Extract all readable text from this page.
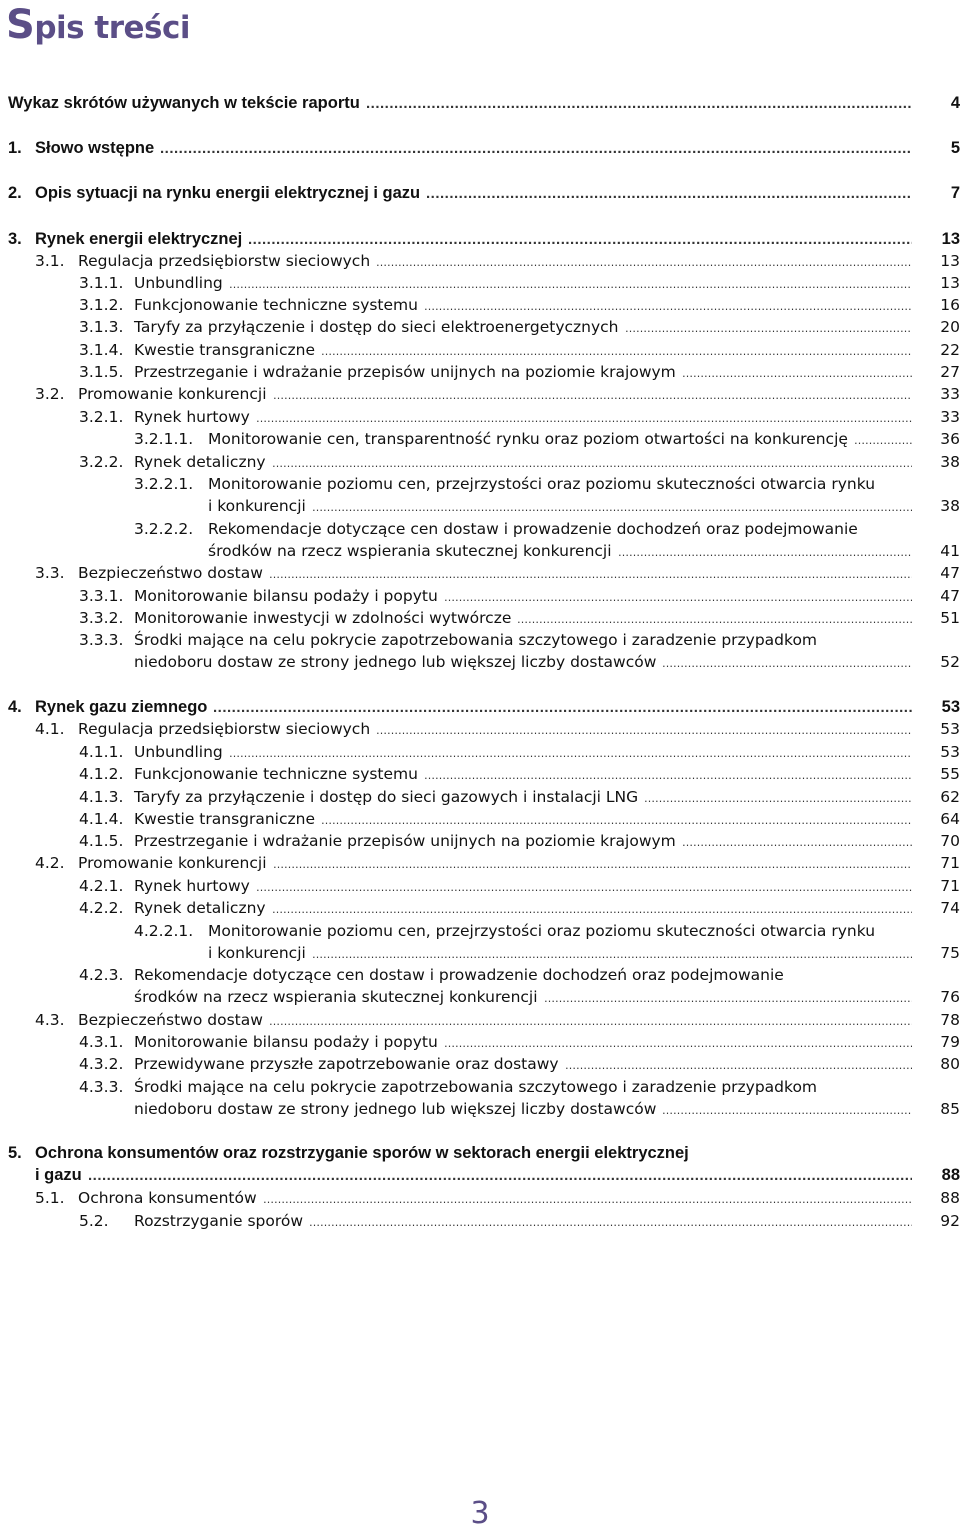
Spis treści
Wykaz skrótów używanych w tekście raportu	4
.....
1. Słowo wstępne	5
.....
2. Opis sytuacji na rynku energii elektrycznej i gazu	7
.....
3. Rynek energii elektrycznej	13
.....
3.1. Regulacja przedsiębiorstw sieciowych	13
……………………………………………………………………………………………………………………………………………………………………………………………………………………………………………………………………………………
3.1.1. Unbundling	13
……………………………………………………………………………………………………………………………………………………………………………………………………………………………………………………………………………………
3.1.2. Funkcjonowanie techniczne systemu	16
……………………………………………………………………………………………………………………………………………………………………………………………………………………………………………………………………………………
3.1.3. Taryfy za przyłączenie i dostęp do sieci elektroenergetycznych	20
……………………………………………………………………………………………………………………………………………………………………………………………………………………………………………………………………………………
3.1.4. Kwestie transgraniczne	22
……………………………………………………………………………………………………………………………………………………………………………………………………………………………………………………………………………………
3.1.5. Przestrzeganie i wdrażanie przepisów unijnych na poziomie krajowym	27
……………………………………………………………………………………………………………………………………………………………………………………………………………………………………………………………………………………
3.2. Promowanie konkurencji	33
……………………………………………………………………………………………………………………………………………………………………………………………………………………………………………………………………………………
3.2.1. Rynek hurtowy	33
……………………………………………………………………………………………………………………………………………………………………………………………………………………………………………………………………………………
3.2.1.1. Monitorowanie cen, transparentność rynku oraz poziom otwartości na konkurencję	36
……………………………………………………………………………………………………………………………………………………………………………………………………………………………………………………………………………………
3.2.2. Rynek detaliczny	38
……………………………………………………………………………………………………………………………………………………………………………………………………………………………………………………………………………………
3.2.2.1. Monitorowanie poziomu cen, przejrzystości oraz poziomu skuteczności otwarcia rynku
i konkurencji	38
……………………………………………………………………………………………………………………………………………………………………………………………………………………………………………………………………………………
3.2.2.2. Rekomendacje dotyczące cen dostaw i prowadzenie dochodzeń oraz podejmowanie
środków na rzecz wspierania skutecznej konkurencji	41
……………………………………………………………………………………………………………………………………………………………………………………………………………………………………………………………………………………
3.3. Bezpieczeństwo dostaw	47
……………………………………………………………………………………………………………………………………………………………………………………………………………………………………………………………………………………
3.3.1. Monitorowanie bilansu podaży i popytu	47
……………………………………………………………………………………………………………………………………………………………………………………………………………………………………………………………………………………
3.3.2. Monitorowanie inwestycji w zdolności wytwórcze	51
……………………………………………………………………………………………………………………………………………………………………………………………………………………………………………………………………………………
3.3.3. Środki mające na celu pokrycie zapotrzebowania szczytowego i zaradzenie przypadkom
niedoboru dostaw ze strony jednego lub większej liczby dostawców	52
……………………………………………………………………………………………………………………………………………………………………………………………………………………………………………………………………………………
4. Rynek gazu ziemnego	53
.....
4.1. Regulacja przedsiębiorstw sieciowych	53
……………………………………………………………………………………………………………………………………………………………………………………………………………………………………………………………………………………
4.1.1. Unbundling	53
……………………………………………………………………………………………………………………………………………………………………………………………………………………………………………………………………………………
4.1.2. Funkcjonowanie techniczne systemu	55
……………………………………………………………………………………………………………………………………………………………………………………………………………………………………………………………………………………
4.1.3. Taryfy za przyłączenie i dostęp do sieci gazowych i instalacji LNG	62
……………………………………………………………………………………………………………………………………………………………………………………………………………………………………………………………………………………
4.1.4. Kwestie transgraniczne	64
……………………………………………………………………………………………………………………………………………………………………………………………………………………………………………………………………………………
4.1.5. Przestrzeganie i wdrażanie przepisów unijnych na poziomie krajowym	70
……………………………………………………………………………………………………………………………………………………………………………………………………………………………………………………………………………………
4.2. Promowanie konkurencji	71
……………………………………………………………………………………………………………………………………………………………………………………………………………………………………………………………………………………
4.2.1. Rynek hurtowy	71
……………………………………………………………………………………………………………………………………………………………………………………………………………………………………………………………………………………
4.2.2. Rynek detaliczny	74
……………………………………………………………………………………………………………………………………………………………………………………………………………………………………………………………………………………
4.2.2.1. Monitorowanie poziomu cen, przejrzystości oraz poziomu skuteczności otwarcia rynku
i konkurencji	75
……………………………………………………………………………………………………………………………………………………………………………………………………………………………………………………………………………………
4.2.3. Rekomendacje dotyczące cen dostaw i prowadzenie dochodzeń oraz podejmowanie
środków na rzecz wspierania skutecznej konkurencji	76
……………………………………………………………………………………………………………………………………………………………………………………………………………………………………………………………………………………
4.3. Bezpieczeństwo dostaw	78
……………………………………………………………………………………………………………………………………………………………………………………………………………………………………………………………………………………
4.3.1. Monitorowanie bilansu podaży i popytu	79
……………………………………………………………………………………………………………………………………………………………………………………………………………………………………………………………………………………
4.3.2. Przewidywane przyszłe zapotrzebowanie oraz dostawy	80
……………………………………………………………………………………………………………………………………………………………………………………………………………………………………………………………………………………
4.3.3. Środki mające na celu pokrycie zapotrzebowania szczytowego i zaradzenie przypadkom
niedoboru dostaw ze strony jednego lub większej liczby dostawców	85
……………………………………………………………………………………………………………………………………………………………………………………………………………………………………………………………………………………
5. Ochrona konsumentów oraz rozstrzyganie sporów w sektorach energii elektrycznej
i gazu	88
.....
5.1. Ochrona konsumentów	88
……………………………………………………………………………………………………………………………………………………………………………………………………………………………………………………………………………………
5.2. Rozstrzyganie sporów	92
……………………………………………………………………………………………………………………………………………………………………………………………………………………………………………………………………………………
3
